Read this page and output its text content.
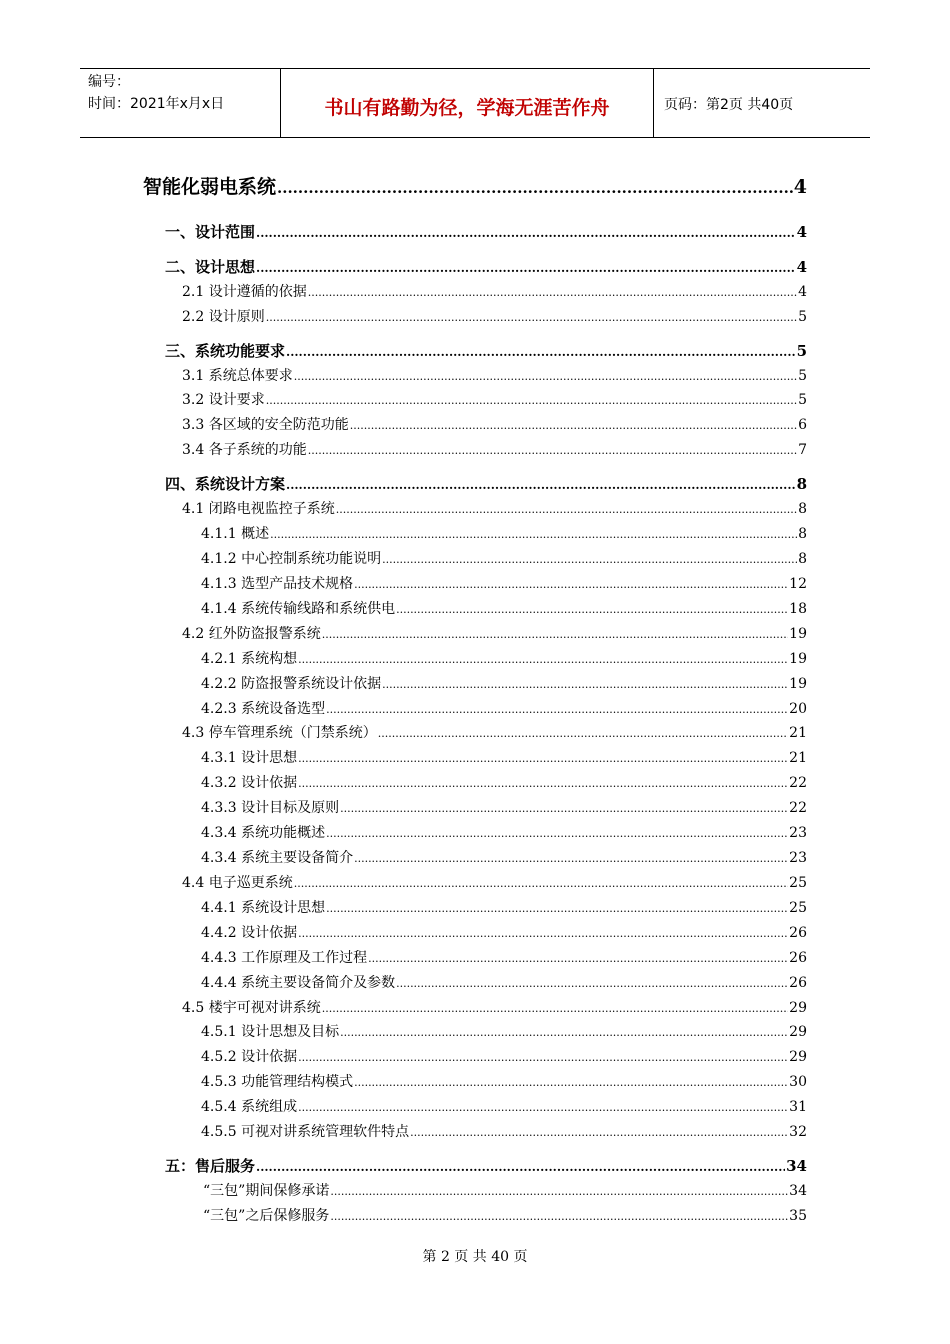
编号：
时间：2021年x月x日	书山有路勤为径，学海无涯苦作舟	页码：第2页 共40页
智能化弱电系统 .....	4
一、设计范围 .....	4
二、设计思想 .....	4
2.1 设计遵循的依据 .....	4
2.2 设计原则 .....	5
三、系统功能要求 .....	5
3.1 系统总体要求 .....	5
3.2 设计要求 .....	5
3.3 各区域的安全防范功能 .....	6
3.4 各子系统的功能 .....	7
四、系统设计方案 .....	8
4.1 闭路电视监控子系统 .....	8
4.1.1 概述 .....	8
4.1.2 中心控制系统功能说明 .....	8
4.1.3 选型产品技术规格 .....	12
4.1.4 系统传输线路和系统供电 .....	18
4.2 红外防盗报警系统 .....	19
4.2.1 系统构想 .....	19
4.2.2 防盗报警系统设计依据 .....	19
4.2.3 系统设备选型 .....	20
4.3 停车管理系统（门禁系统） .....	21
4.3.1 设计思想 .....	21
4.3.2 设计依据 .....	22
4.3.3 设计目标及原则 .....	22
4.3.4 系统功能概述 .....	23
4.3.4 系统主要设备简介 .....	23
4.4 电子巡更系统 .....	25
4.4.1 系统设计思想 .....	25
4.4.2 设计依据 .....	26
4.4.3 工作原理及工作过程 .....	26
4.4.4 系统主要设备简介及参数 .....	26
4.5 楼宇可视对讲系统 .....	29
4.5.1 设计思想及目标 .....	29
4.5.2 设计依据 .....	29
4.5.3 功能管理结构模式 .....	30
4.5.4 系统组成 .....	31
4.5.5 可视对讲系统管理软件特点 .....	32
五：售后服务 .....	34
“三包”期间保修承诺 .....	34
“三包”之后保修服务 .....	35
第 2 页 共 40 页
